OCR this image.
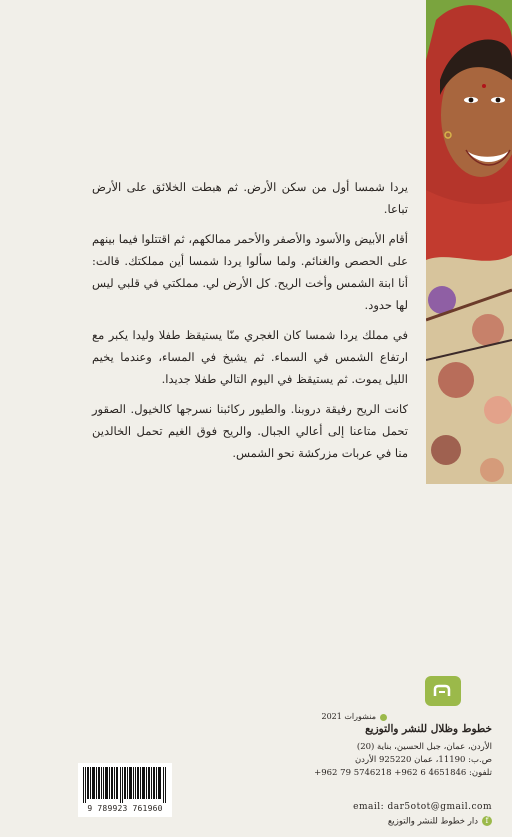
يردا شمسا أول من سكن الأرض. ثم هبطت الخلائق على الأرض تباعا.

أقام الأبيض والأسود والأصفر والأحمر ممالكهم، ثم اقتتلوا فيما بينهم على الحصص والغنائم. ولما سألوا يردا شمسا أين مملكتك. قالت: أنا ابنة الشمس وأخت الريح. كل الأرض لي. مملكتي في قلبي ليس لها حدود.

في مملك يردا شمسا كان الغجري منّا يستيقظ طفلا وليدا يكبر مع ارتفاع الشمس في السماء. ثم يشيخ في المساء، وعندما يخيم الليل يموت. ثم يستيقظ في اليوم التالي طفلا جديدا.

كانت الريح رفيقة دروبنا. والطيور ركائبنا نسرجها كالخيول. الصقور تحمل متاعنا إلى أعالي الجبال. والريح فوق الغيم تحمل الخالدين منا في عربات مزركشة نحو الشمس.

منشورات 2021
خطوط وظلال للنشر والتوزيع
الأردن، عمان، جبل الحسين، بناية (20)
ص.ب: 11190، عمان 925220 الأردن
تلفون: 4651846 6 962+ 5746218 79 962+
email: dar5otot@gmail.com
fدار خطوط للنشر والتوزيع
9 789923 761960
